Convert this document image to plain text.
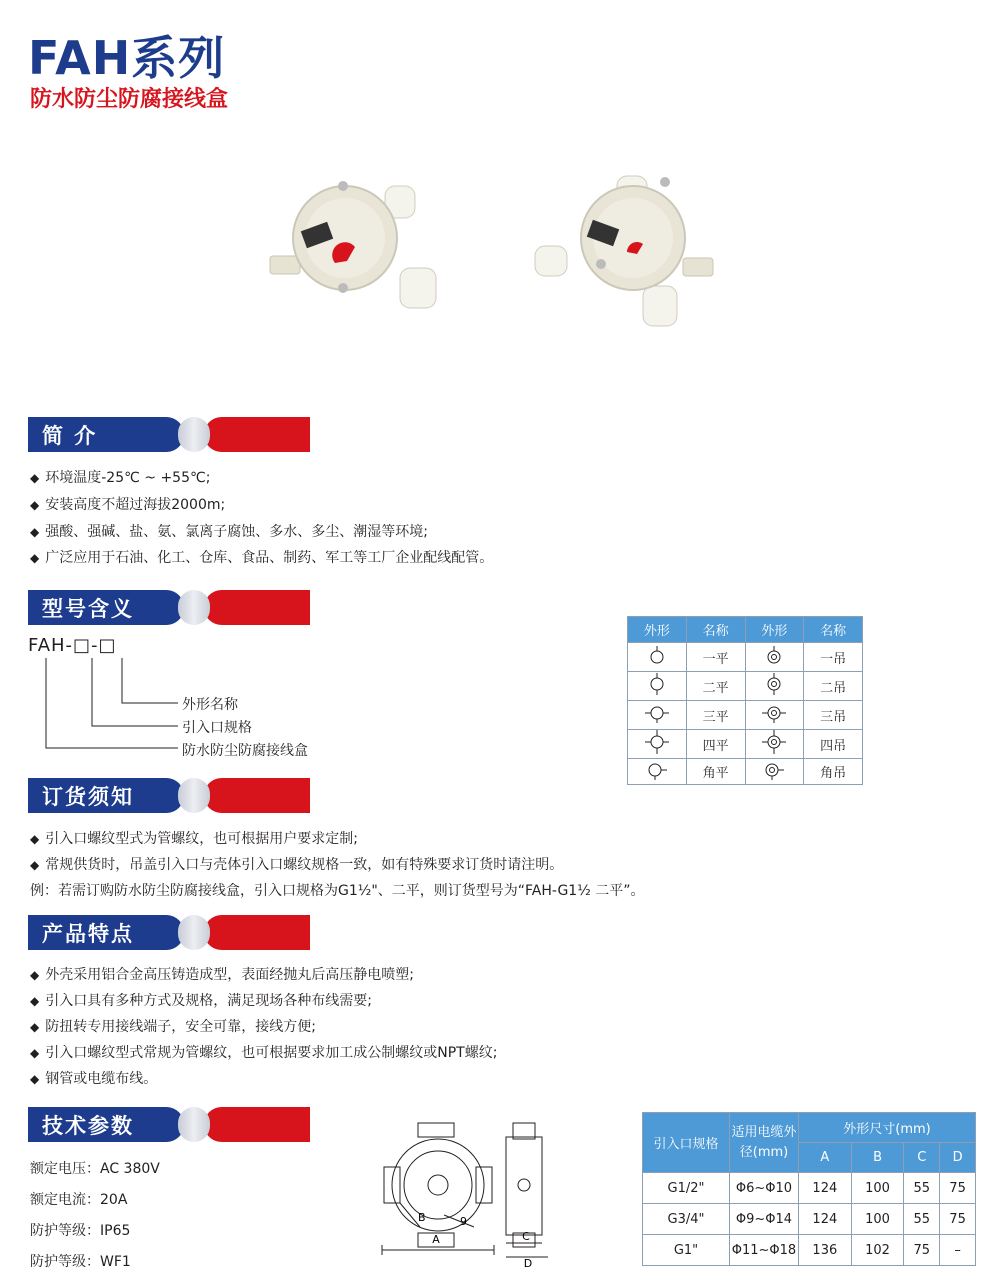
FAH系列
防水防尘防腐接线盒
简 介
◆ 环境温度-25℃ ~ +55℃;
◆ 安装高度不超过海拔2000m;
◆ 强酸、强碱、盐、氨、氯离子腐蚀、多水、多尘、潮湿等环境;
◆ 广泛应用于石油、化工、仓库、食品、制药、军工等工厂企业配线配管。
型号含义
FAH-□-□
外形名称
引入口规格
防水防尘防腐接线盒
外形	名称	外形	名称
	一平		一吊
	二平		二吊
	三平		三吊
	四平		四吊
	角平		角吊
订货须知
◆ 引入口螺纹型式为管螺纹，也可根据用户要求定制;
◆ 常规供货时，吊盖引入口与壳体引入口螺纹规格一致，如有特殊要求订货时请注明。
例：若需订购防水防尘防腐接线盒，引入口规格为G1½"、二平，则订货型号为“FAH-G1½ 二平”。
产品特点
◆ 外壳采用铝合金高压铸造成型，表面经抛丸后高压静电喷塑;
◆ 引入口具有多种方式及规格，满足现场各种布线需要;
◆ 防扭转专用接线端子，安全可靠，接线方便;
◆ 引入口螺纹型式常规为管螺纹，也可根据要求加工成公制螺纹或NPT螺纹;
◆ 钢管或电缆布线。
技术参数
额定电压：AC 380V
额定电流：20A
防护等级：IP65
防护等级：WF1
A
B	9
C
D
引入口规格	适用电缆外径(mm)	外形尺寸(mm)			
		A	B	C	D
G1/2"	Φ6~Φ10	124	100	55	75
G3/4"	Φ9~Φ14	124	100	55	75
G1"	Φ11~Φ18	136	102	75	–
